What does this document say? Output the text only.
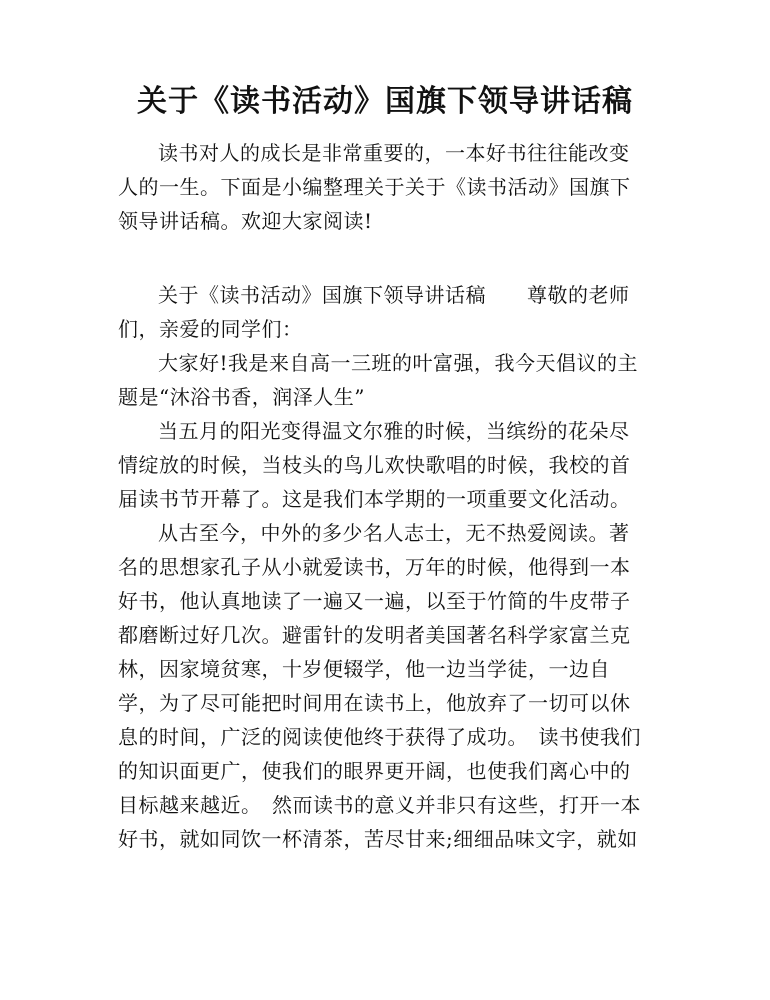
关于《读书活动》国旗下领导讲话稿
读书对人的成长是非常重要的，一本好书往往能改变
人的一生。下面是小编整理关于关于《读书活动》国旗下
领导讲话稿。欢迎大家阅读!
关于《读书活动》国旗下领导讲话稿　　尊敬的老师
们，亲爱的同学们：
大家好!我是来自高一三班的叶富强，我今天倡议的主
题是“沐浴书香，润泽人生”
当五月的阳光变得温文尔雅的时候，当缤纷的花朵尽
情绽放的时候，当枝头的鸟儿欢快歌唱的时候，我校的首
届读书节开幕了。这是我们本学期的一项重要文化活动。
从古至今，中外的多少名人志士，无不热爱阅读。著
名的思想家孔子从小就爱读书，万年的时候，他得到一本
好书，他认真地读了一遍又一遍，以至于竹简的牛皮带子
都磨断过好几次。避雷针的发明者美国著名科学家富兰克
林，因家境贫寒，十岁便辍学，他一边当学徒，一边自
学，为了尽可能把时间用在读书上，他放弃了一切可以休
息的时间，广泛的阅读使他终于获得了成功。　读书使我们
的知识面更广，使我们的眼界更开阔，也使我们离心中的
目标越来越近。　然而读书的意义并非只有这些，打开一本
好书，就如同饮一杯清茶，苦尽甘来;细细品味文字，就如
